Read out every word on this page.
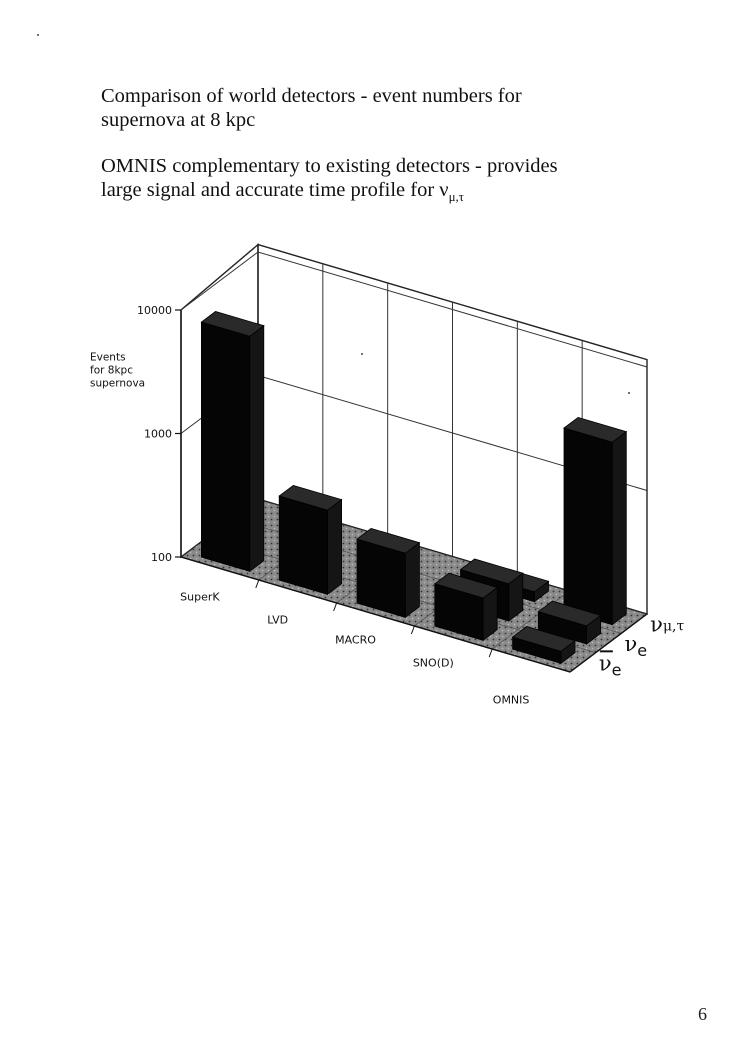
Comparison of world detectors - event numbers for
supernova at 8 kpc
OMNIS complementary to existing detectors - provides
large signal and accurate time profile for $\nu_{\mu,\tau}$
10000
1000
100
Events
for 8kpc
supernova
SuperK
LVD
MACRO
SNO(D)
OMNIS
$\nu_e$
$\nu_e$
νμ,τ
6
